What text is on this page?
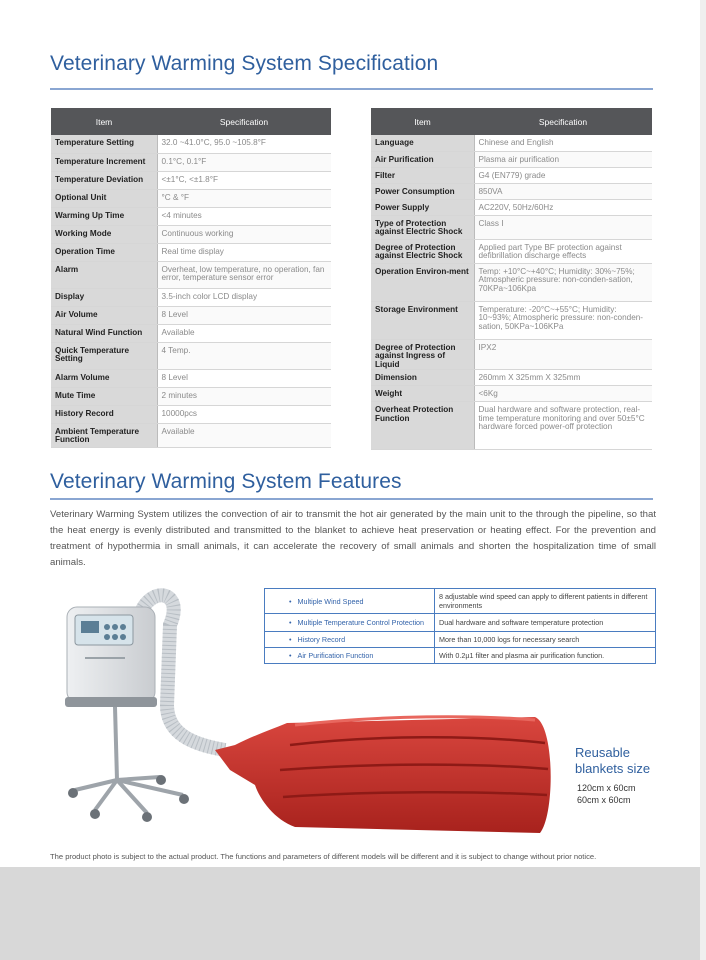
Veterinary Warming System Specification
Item	Specification
Temperature Setting	32.0 ~41.0°C, 95.0 ~105.8°F
Temperature Increment	0.1°C, 0.1°F
Temperature Deviation	<±1°C, <±1.8°F
Optional Unit	°C & °F
Warming Up Time	<4 minutes
Working Mode	Continuous working
Operation Time	Real time display
Alarm	Overheat, low temperature, no operation, fan error, temperature sensor error
Display	3.5-inch color LCD display
Air Volume	8 Level
Natural Wind Function	Available
Quick Temperature Setting	4 Temp.
Alarm Volume	8 Level
Mute Time	2 minutes
History Record	10000pcs
Ambient Temperature Function	Available
Item	Specification
Language	Chinese and English
Air Purification	Plasma air purification
Filter	G4 (EN779) grade
Power Consumption	850VA
Power Supply	AC220V, 50Hz/60Hz
Type of Protection against Electric Shock	Class I
Degree of Protection against Electric Shock	Applied part Type BF protection against defibrillation discharge effects
Operation Environ-ment	Temp: +10°C~+40°C; Humidity: 30%~75%; Atmospheric pressure: non-conden-sation, 70KPa~106Kpa
Storage Environment	Temperature: -20°C~+55°C; Humidity: 10~93%; Atmospheric pressure: non-conden-sation, 50KPa~106KPa
Degree of Protection against Ingress of Liquid	IPX2
Dimension	260mm X 325mm X 325mm
Weight	<6Kg
Overheat Protection Function	Dual hardware and software protection, real-time temperature monitoring and over 50±5°C hardware forced power-off protection
Veterinary Warming System Features

Veterinary Warming System utilizes the convection of air to transmit the hot air generated by the main unit to the through the pipeline, so that the heat energy is evenly distributed and transmitted to the blanket to achieve heat preservation or heating effect. For the prevention and treatment of hypothermia in small animals, it can accelerate the recovery of small animals and shorten the hospitalization time of small animals.

• Multiple Wind Speed	8 adjustable wind speed can apply to different patients in different environments
• Multiple Temperature Control Protection	Dual hardware and software temperature protection
• History Record	More than 10,000 logs for necessary search
• Air Purification Function	With 0.2µ1 filter and plasma air purification function.
Reusable
blankets size
120cm x 60cm
60cm x 60cm
The product photo is subject to the actual product. The functions and parameters of different models will be different and it is subject to change without prior notice.
